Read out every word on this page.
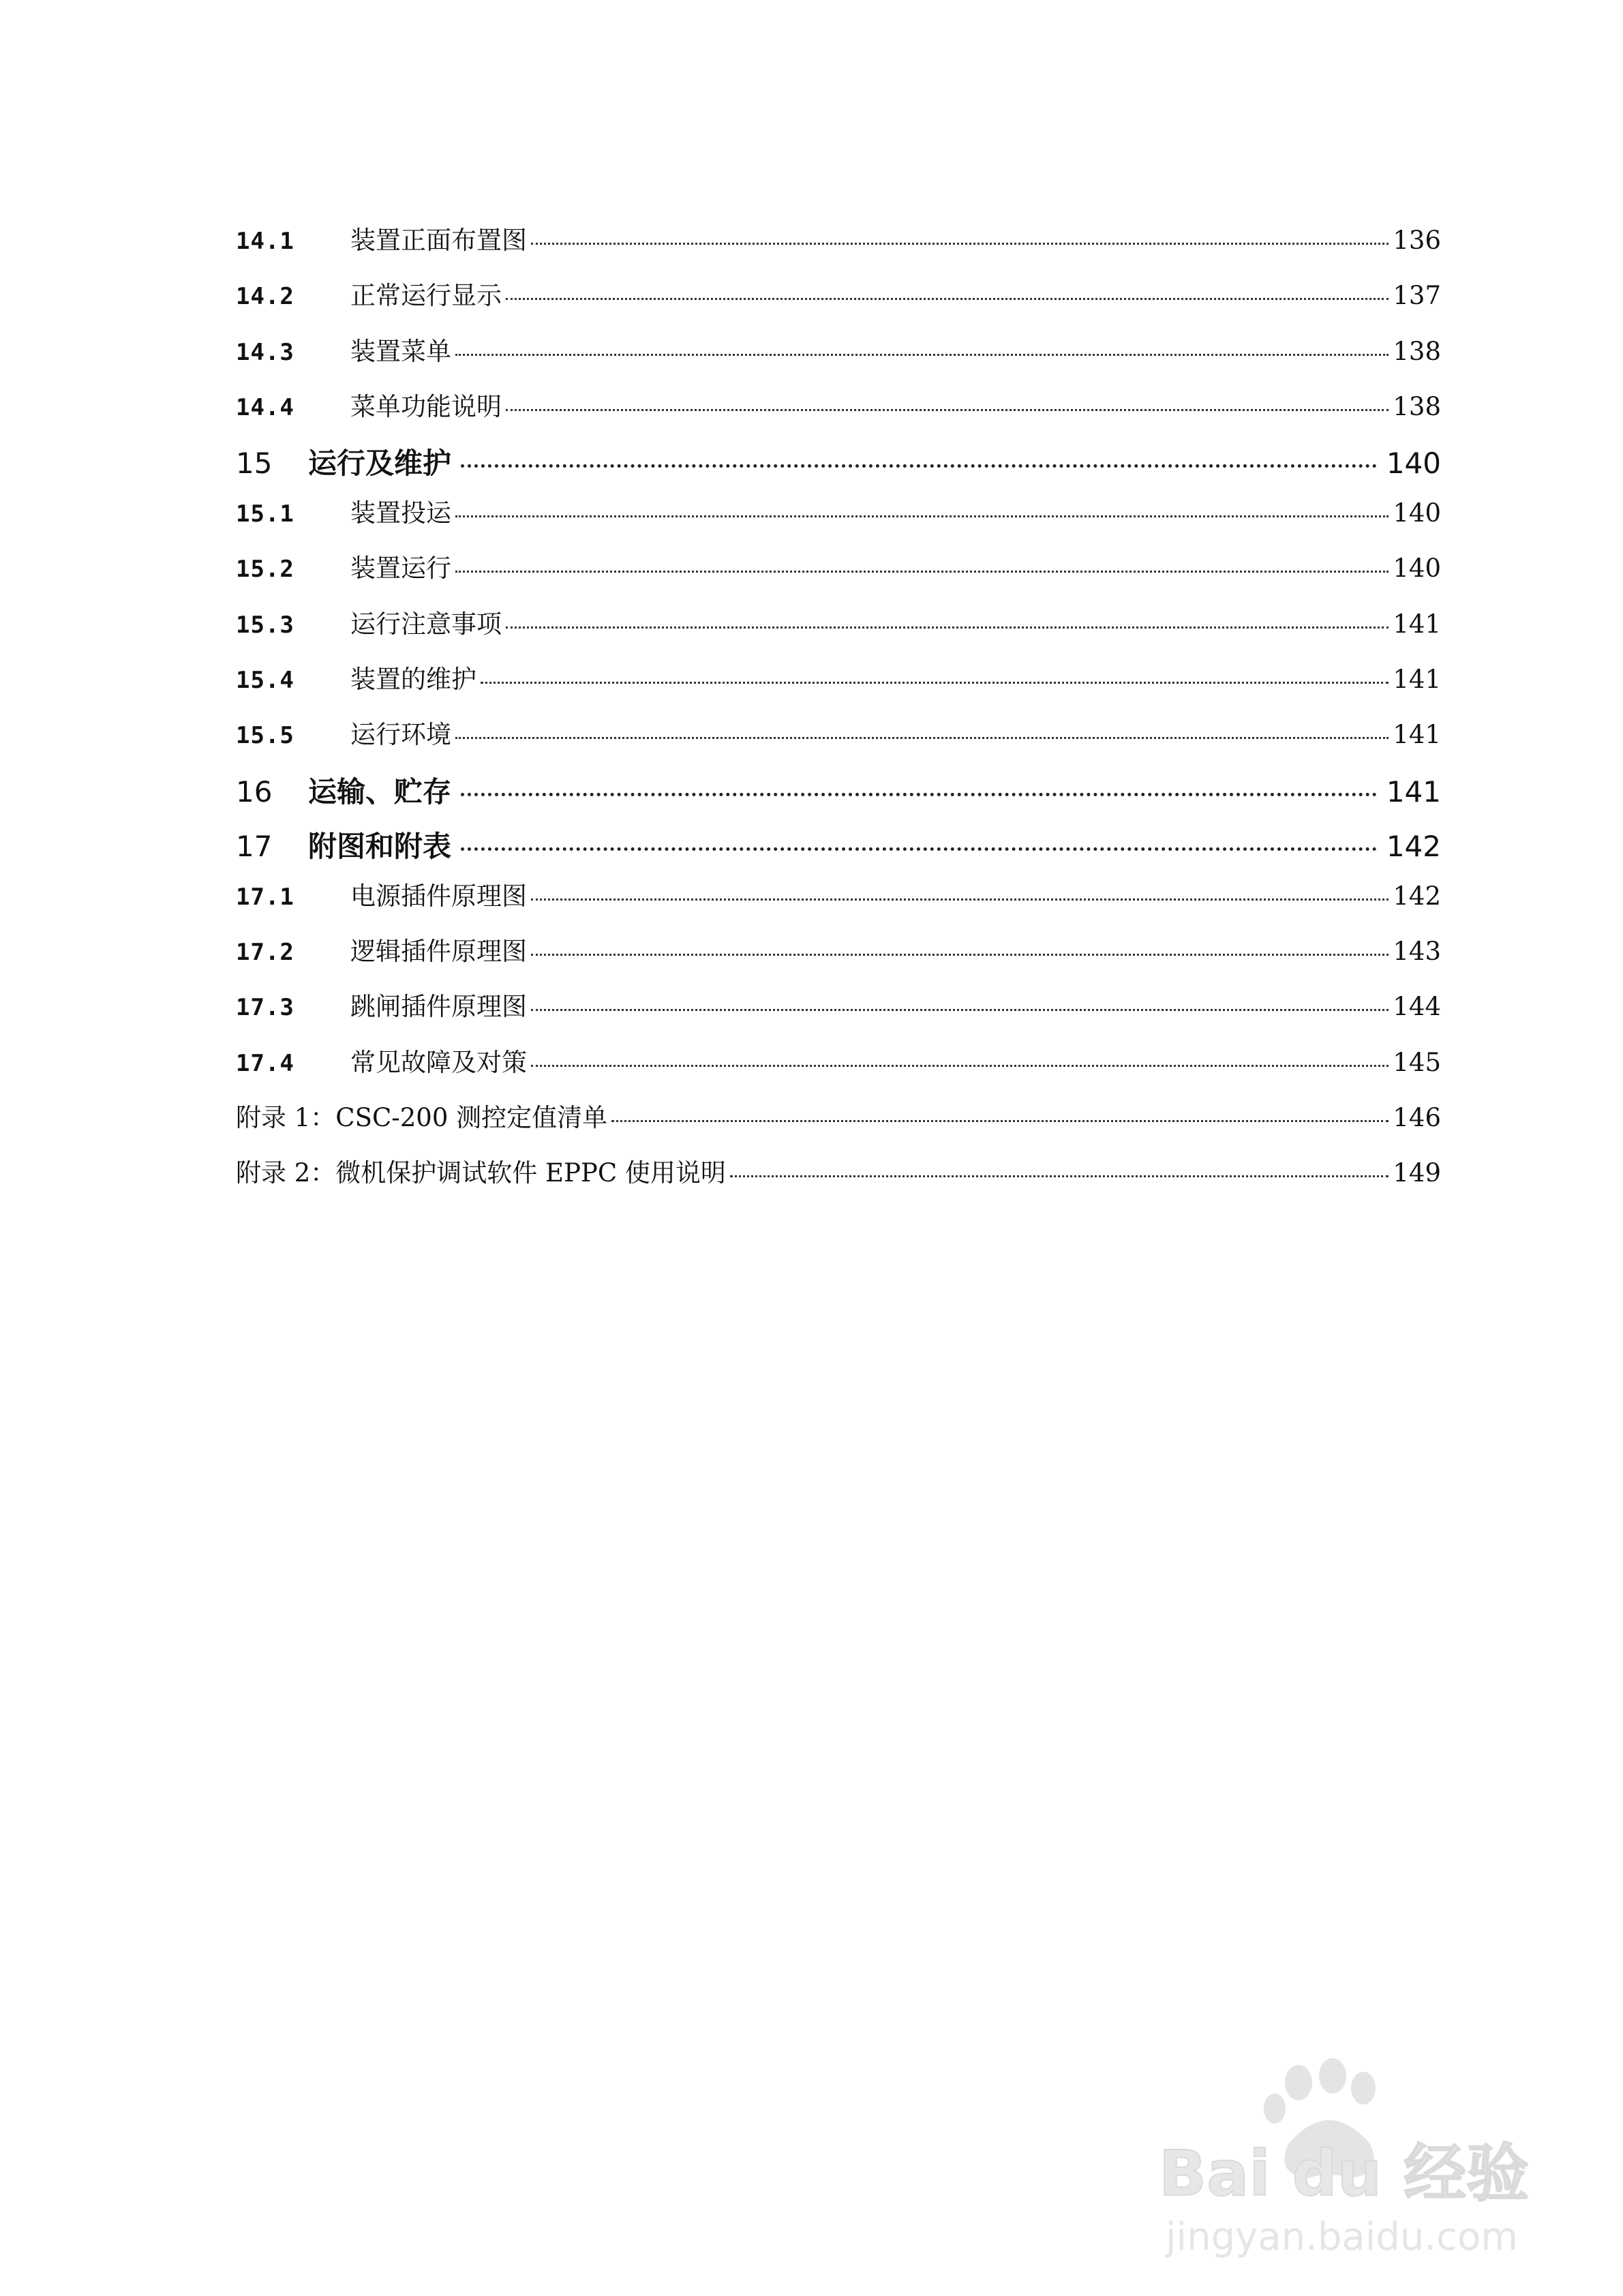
14.1	装置正面布置图	136
14.2	正常运行显示	137
14.3	装置菜单	138
14.4	菜单功能说明	138
15	运行及维护	140
15.1	装置投运	140
15.2	装置运行	140
15.3	运行注意事项	141
15.4	装置的维护	141
15.5	运行环境	141
16	运输、贮存	141
17	附图和附表	142
17.1	电源插件原理图	142
17.2	逻辑插件原理图	143
17.3	跳闸插件原理图	144
17.4	常见故障及对策	145
附录 1：CSC-200 测控定值清单	146
附录 2：微机保护调试软件 EPPC 使用说明	149
Bai du 经验
jingyan.baidu.com
